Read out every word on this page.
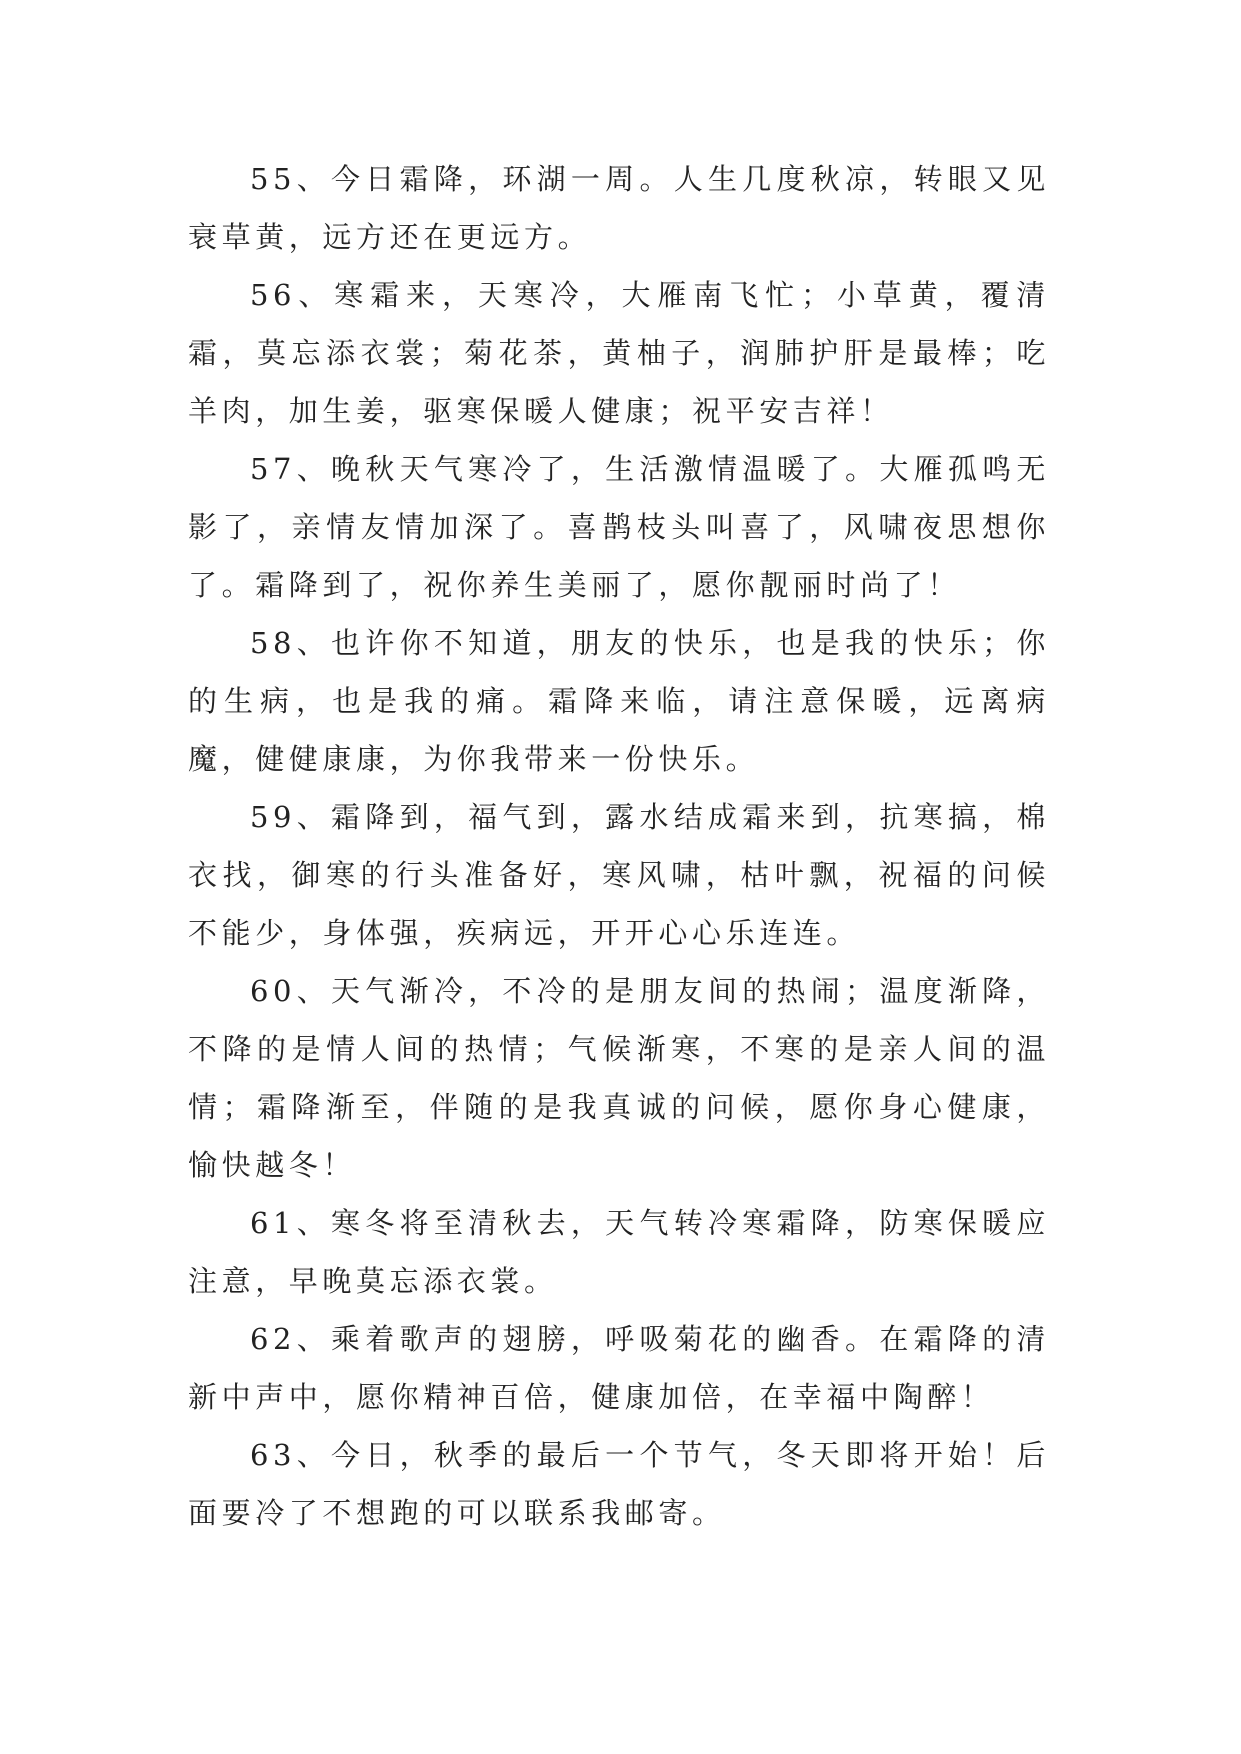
55、今日霜降，环湖一周。人生几度秋凉，转眼又见衰草黄，远方还在更远方。

56、寒霜来，天寒冷，大雁南飞忙；小草黄，覆清霜，莫忘添衣裳；菊花茶，黄柚子，润肺护肝是最棒；吃羊肉，加生姜，驱寒保暖人健康；祝平安吉祥！

57、晚秋天气寒冷了，生活激情温暖了。大雁孤鸣无影了，亲情友情加深了。喜鹊枝头叫喜了，风啸夜思想你了。霜降到了，祝你养生美丽了，愿你靓丽时尚了！

58、也许你不知道，朋友的快乐，也是我的快乐；你的生病，也是我的痛。霜降来临，请注意保暖，远离病魔，健健康康，为你我带来一份快乐。

59、霜降到，福气到，露水结成霜来到，抗寒搞，棉衣找，御寒的行头准备好，寒风啸，枯叶飘，祝福的问候不能少，身体强，疾病远，开开心心乐连连。

60、天气渐冷，不冷的是朋友间的热闹；温度渐降，不降的是情人间的热情；气候渐寒，不寒的是亲人间的温情；霜降渐至，伴随的是我真诚的问候，愿你身心健康，愉快越冬！

61、寒冬将至清秋去，天气转冷寒霜降，防寒保暖应注意，早晚莫忘添衣裳。

62、乘着歌声的翅膀，呼吸菊花的幽香。在霜降的清新中声中，愿你精神百倍，健康加倍，在幸福中陶醉！

63、今日，秋季的最后一个节气，冬天即将开始！后面要冷了不想跑的可以联系我邮寄。
